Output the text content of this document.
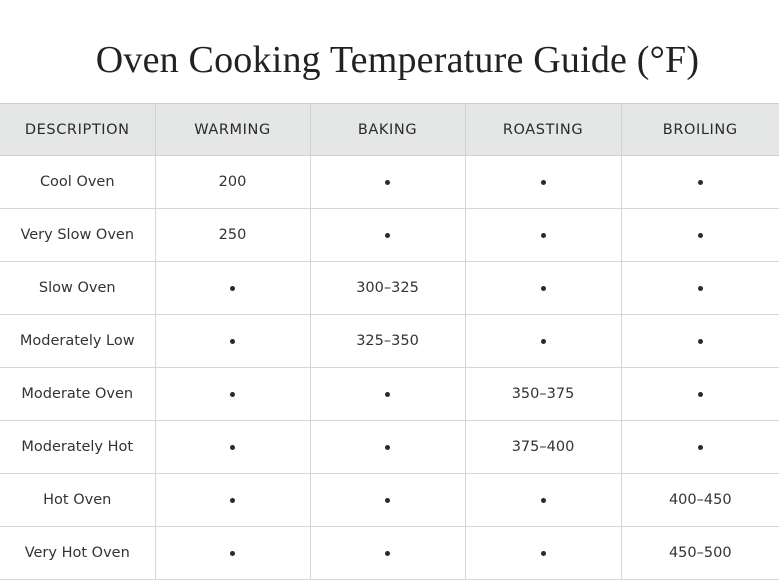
Oven Cooking Temperature Guide (°F)
DESCRIPTION	WARMING	BAKING	ROASTING	BROILING
Cool Oven	200			
Very Slow Oven	250			
Slow Oven		300–325		
Moderately Low		325–350		
Moderate Oven			350–375	
Moderately Hot			375–400	
Hot Oven				400–450
Very Hot Oven				450–500
